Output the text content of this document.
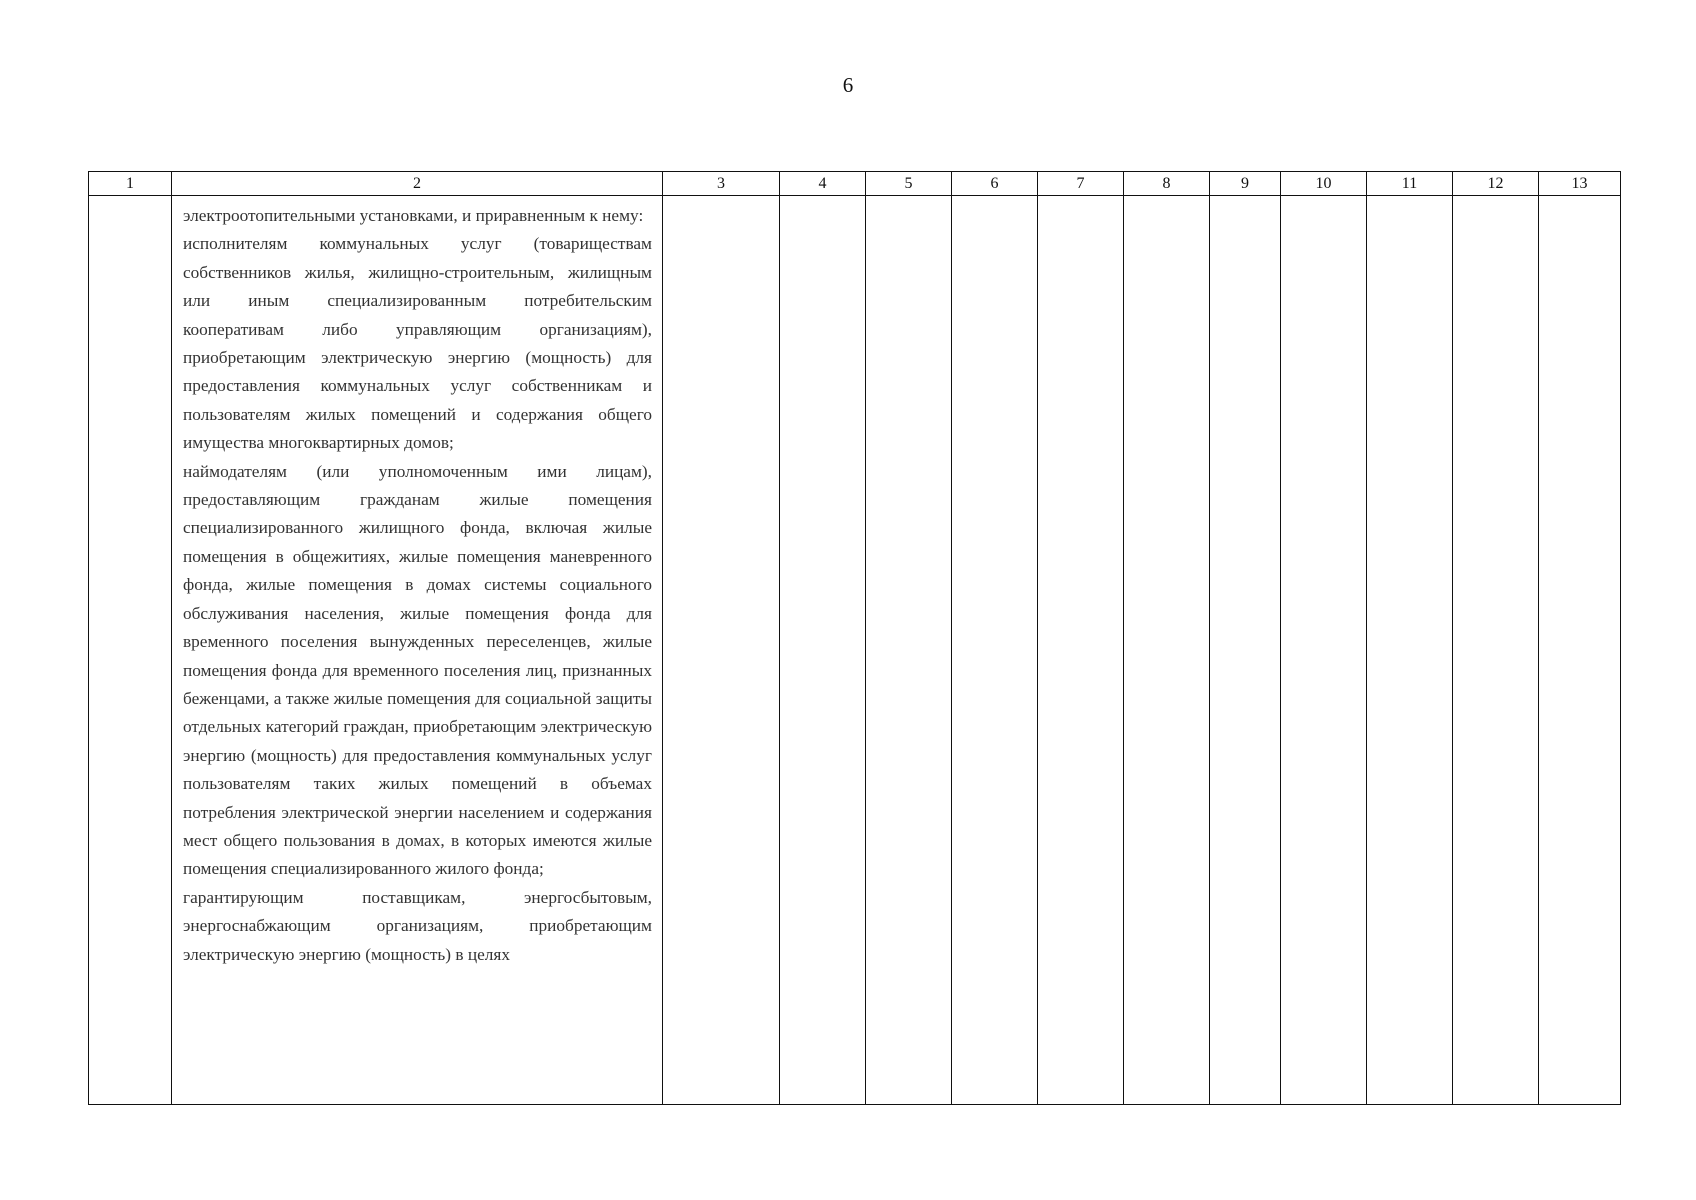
6
1	2	3	4	5	6	7	8	9	10	11	12	13

	электроотопительными установками, и приравненным к нему:

исполнителям коммунальных услуг (товариществам собственников жилья, жилищно-строительным, жилищным или иным специализированным потребительским кооперативам либо управляющим организациям), приобретающим электрическую энергию (мощность) для предоставления коммунальных услуг собственникам и пользователям жилых помещений и содержания общего имущества многоквартирных домов;

наймодателям (или уполномоченным ими лицам), предоставляющим гражданам жилые помещения специализированного жилищного фонда, включая жилые помещения в общежитиях, жилые помещения маневренного фонда, жилые помещения в домах системы социального обслуживания населения, жилые помещения фонда для временного поселения вынужденных переселенцев, жилые помещения фонда для временного поселения лиц, признанных беженцами, а также жилые помещения для социальной защиты отдельных категорий граждан, приобретающим электрическую энергию (мощность) для предоставления коммунальных услуг пользователям таких жилых помещений в объемах потребления электрической энергии населением и содержания мест общего пользования в домах, в которых имеются жилые помещения специализированного жилого фонда;

гарантирующим поставщикам, энергосбытовым, энергоснабжающим организациям, приобретающим электрическую энергию (мощность) в целях											
